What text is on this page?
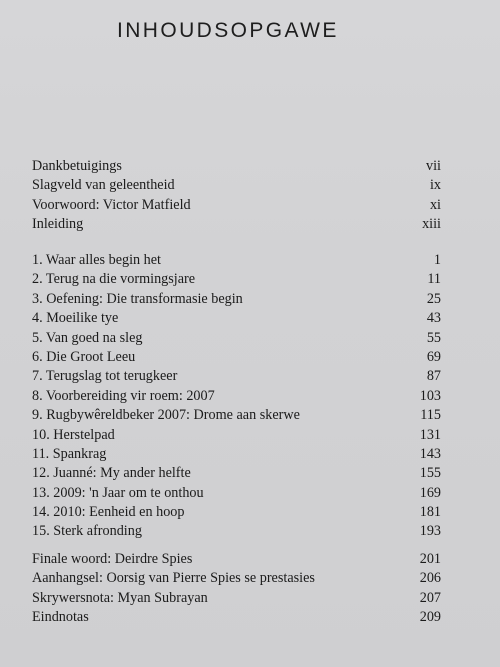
INHOUDSOPGAWE
Dankbetuigings	vii
Slagveld van geleentheid	ix
Voorwoord: Victor Matfield	xi
Inleiding	xiii
1. Waar alles begin het	1
2. Terug na die vormingsjare	11
3. Oefening: Die transformasie begin	25
4. Moeilike tye	43
5. Van goed na sleg	55
6. Die Groot Leeu	69
7. Terugslag tot terugkeer	87
8. Voorbereiding vir roem: 2007	103
9. Rugbywêreldbeker 2007: Drome aan skerwe	115
10. Herstelpad	131
11. Spankrag	143
12. Juanné: My ander helfte	155
13. 2009: 'n Jaar om te onthou	169
14. 2010: Eenheid en hoop	181
15. Sterk afronding	193
Finale woord: Deirdre Spies	201
Aanhangsel: Oorsig van Pierre Spies se prestasies	206
Skrywersnota: Myan Subrayan	207
Eindnotas	209
